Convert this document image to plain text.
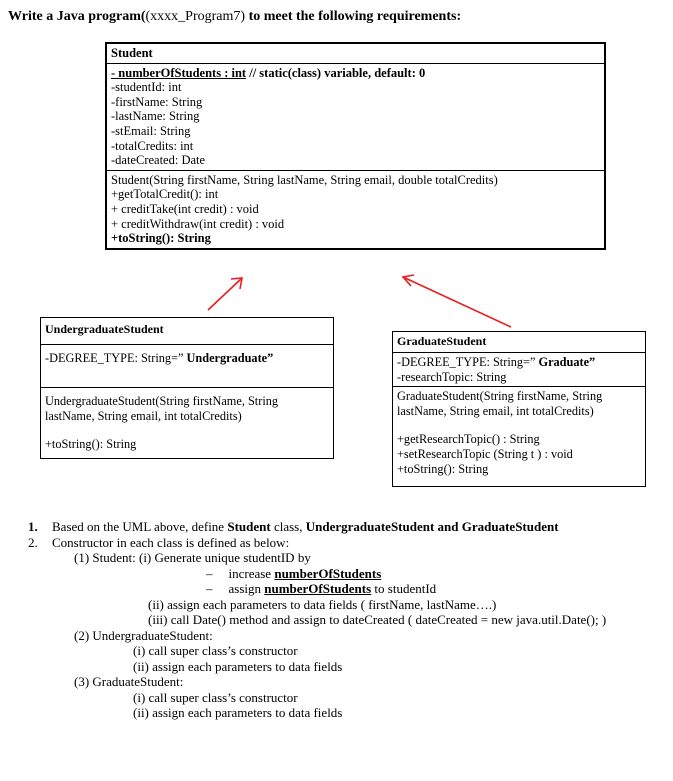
Write a Java program((xxxx_Program7) to meet the following requirements:
Student
- numberOfStudents : int // static(class) variable, default: 0
-studentId: int
-firstName: String
-lastName: String
-stEmail: String
-totalCredits: int
-dateCreated: Date
Student(String firstName, String lastName, String email, double totalCredits)
+getTotalCredit(): int
+ creditTake(int credit) : void
+ creditWithdraw(int credit) : void
+toString(): String
UndergraduateStudent
-DEGREE_TYPE: String=” Undergraduate”
UndergraduateStudent(String firstName, String lastName, String email, int totalCredits)
+toString(): String
GraduateStudent
-DEGREE_TYPE: String=” Graduate”
-researchTopic: String
GraduateStudent(String firstName, String lastName, String email, int totalCredits)
+getResearchTopic() : String
+setResearchTopic (String t ) : void
+toString(): String
1. Based on the UML above, define Student class, UndergraduateStudent and GraduateStudent
2. Constructor in each class is defined as below:
(1) Student: (i) Generate unique studentID by
– increase numberOfStudents
– assign numberOfStudents to studentId
(ii) assign each parameters to data fields ( firstName, lastName….)
(iii) call Date() method and assign to dateCreated ( dateCreated = new java.util.Date(); )
(2) UndergraduateStudent:
(i) call super class’s constructor
(ii) assign each parameters to data fields
(3) GraduateStudent:
(i) call super class’s constructor
(ii) assign each parameters to data fields
